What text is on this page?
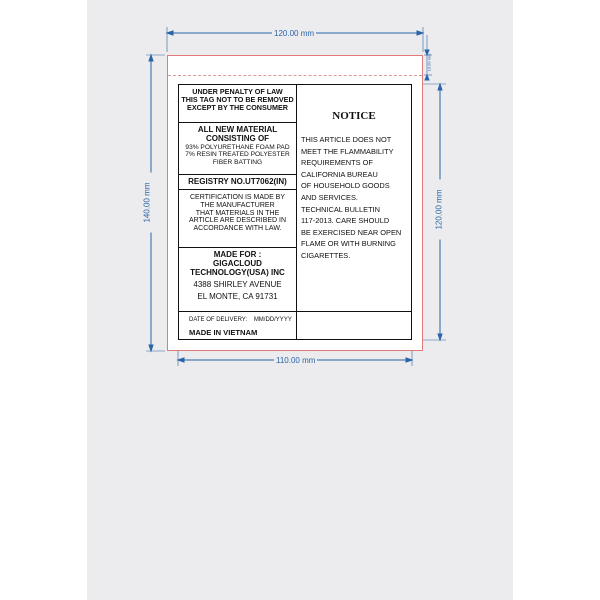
120.00 mm
140.00 mm	120.00 mm
110.00 mm
10.00 mm
UNDER PENALTY OF LAW
THIS TAG NOT TO BE REMOVED
EXCEPT BY THE CONSUMER
ALL NEW MATERIAL
CONSISTING OF
93% POLYURETHANE FOAM PAD
7% RESIN TREATED POLYESTER
FIBER BATTING
REGISTRY NO.UT7062(IN)
CERTIFICATION IS MADE BY
THE MANUFACTURER
THAT MATERIALS IN THE
ARTICLE ARE DESCRIBED IN
ACCORDANCE WITH LAW.
MADE FOR :
GIGACLOUD
TECHNOLOGY(USA) INC
4388 SHIRLEY AVENUE
EL MONTE, CA 91731
NOTICE
THIS ARTICLE DOES NOT
MEET THE FLAMMABILITY
REQUIREMENTS OF
CALIFORNIA BUREAU
OF HOUSEHOLD GOODS
AND SERVICES.
TECHNICAL BULLETIN
117-2013. CARE SHOULD
BE EXERCISED NEAR OPEN
FLAME OR WITH BURNING
CIGARETTES.
DATE OF DELIVERY: MM/DD/YYYY
MADE IN VIETNAM
